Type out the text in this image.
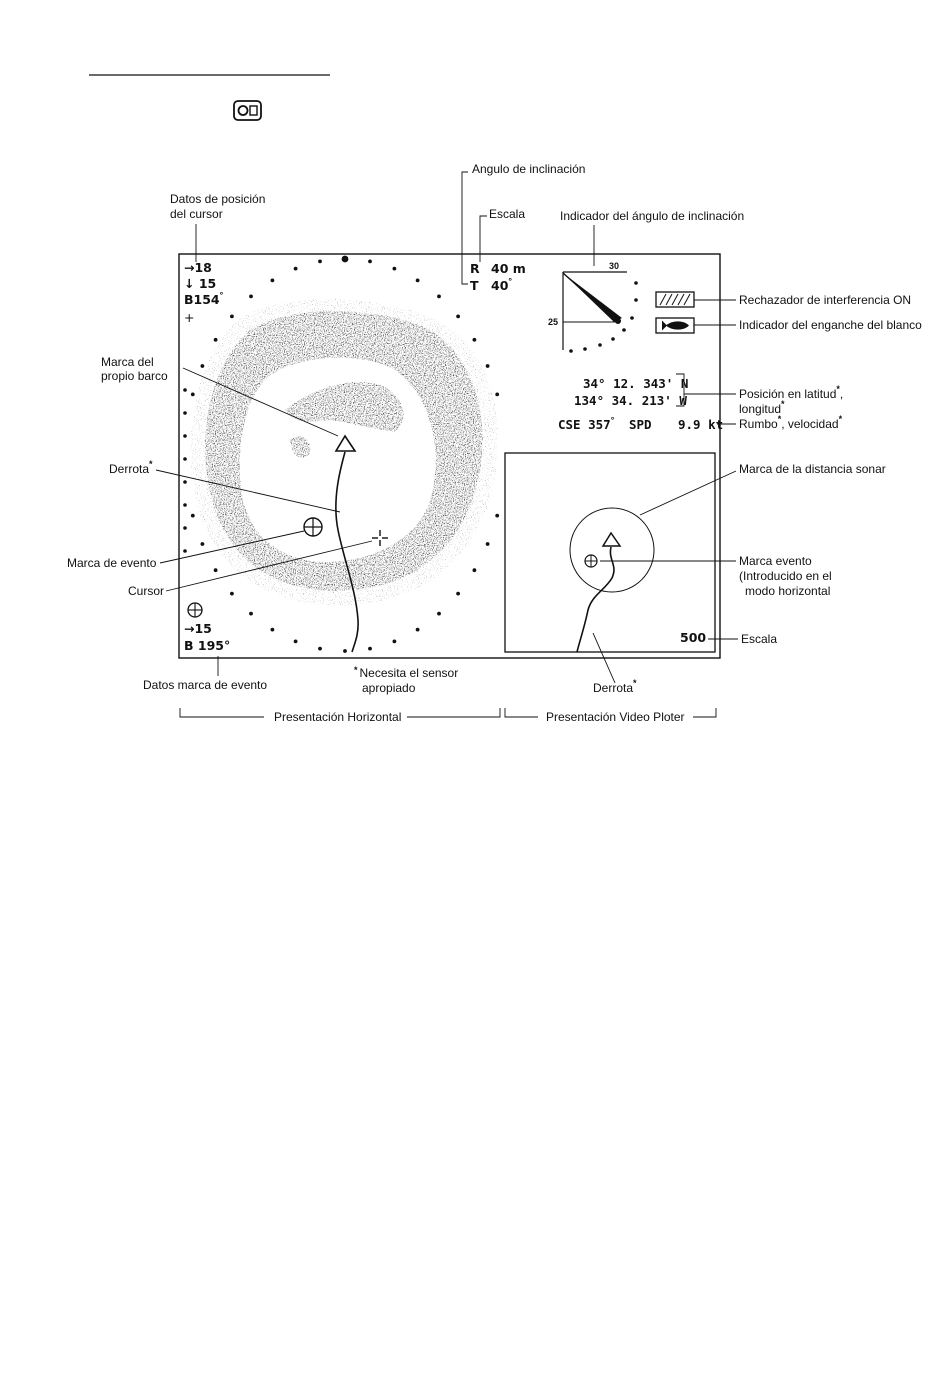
→18
↓ 15
B154°
+
R 40 m
T 40°
30
25
34° 12. 343' N
134° 34. 213' W
CSE 357° SPD 9.9 kt
500
→15
B 195°
Angulo de inclinación
Escala	Indicador del ángulo de inclinación
Datos de posición
del cursor
Marca del
propio barco
Derrota*
Marca de evento
Cursor
Datos marca de evento
* Necesita el sensor
apropiado
Rechazador de interferencia ON
Indicador del enganche del blanco
Posición en latitud*,
longitud*
Rumbo*, velocidad*
Marca de la distancia sonar
Marca evento
(Introducido en el
modo horizontal
Escala
Derrota*
Presentación Horizontal	Presentación Video Ploter
